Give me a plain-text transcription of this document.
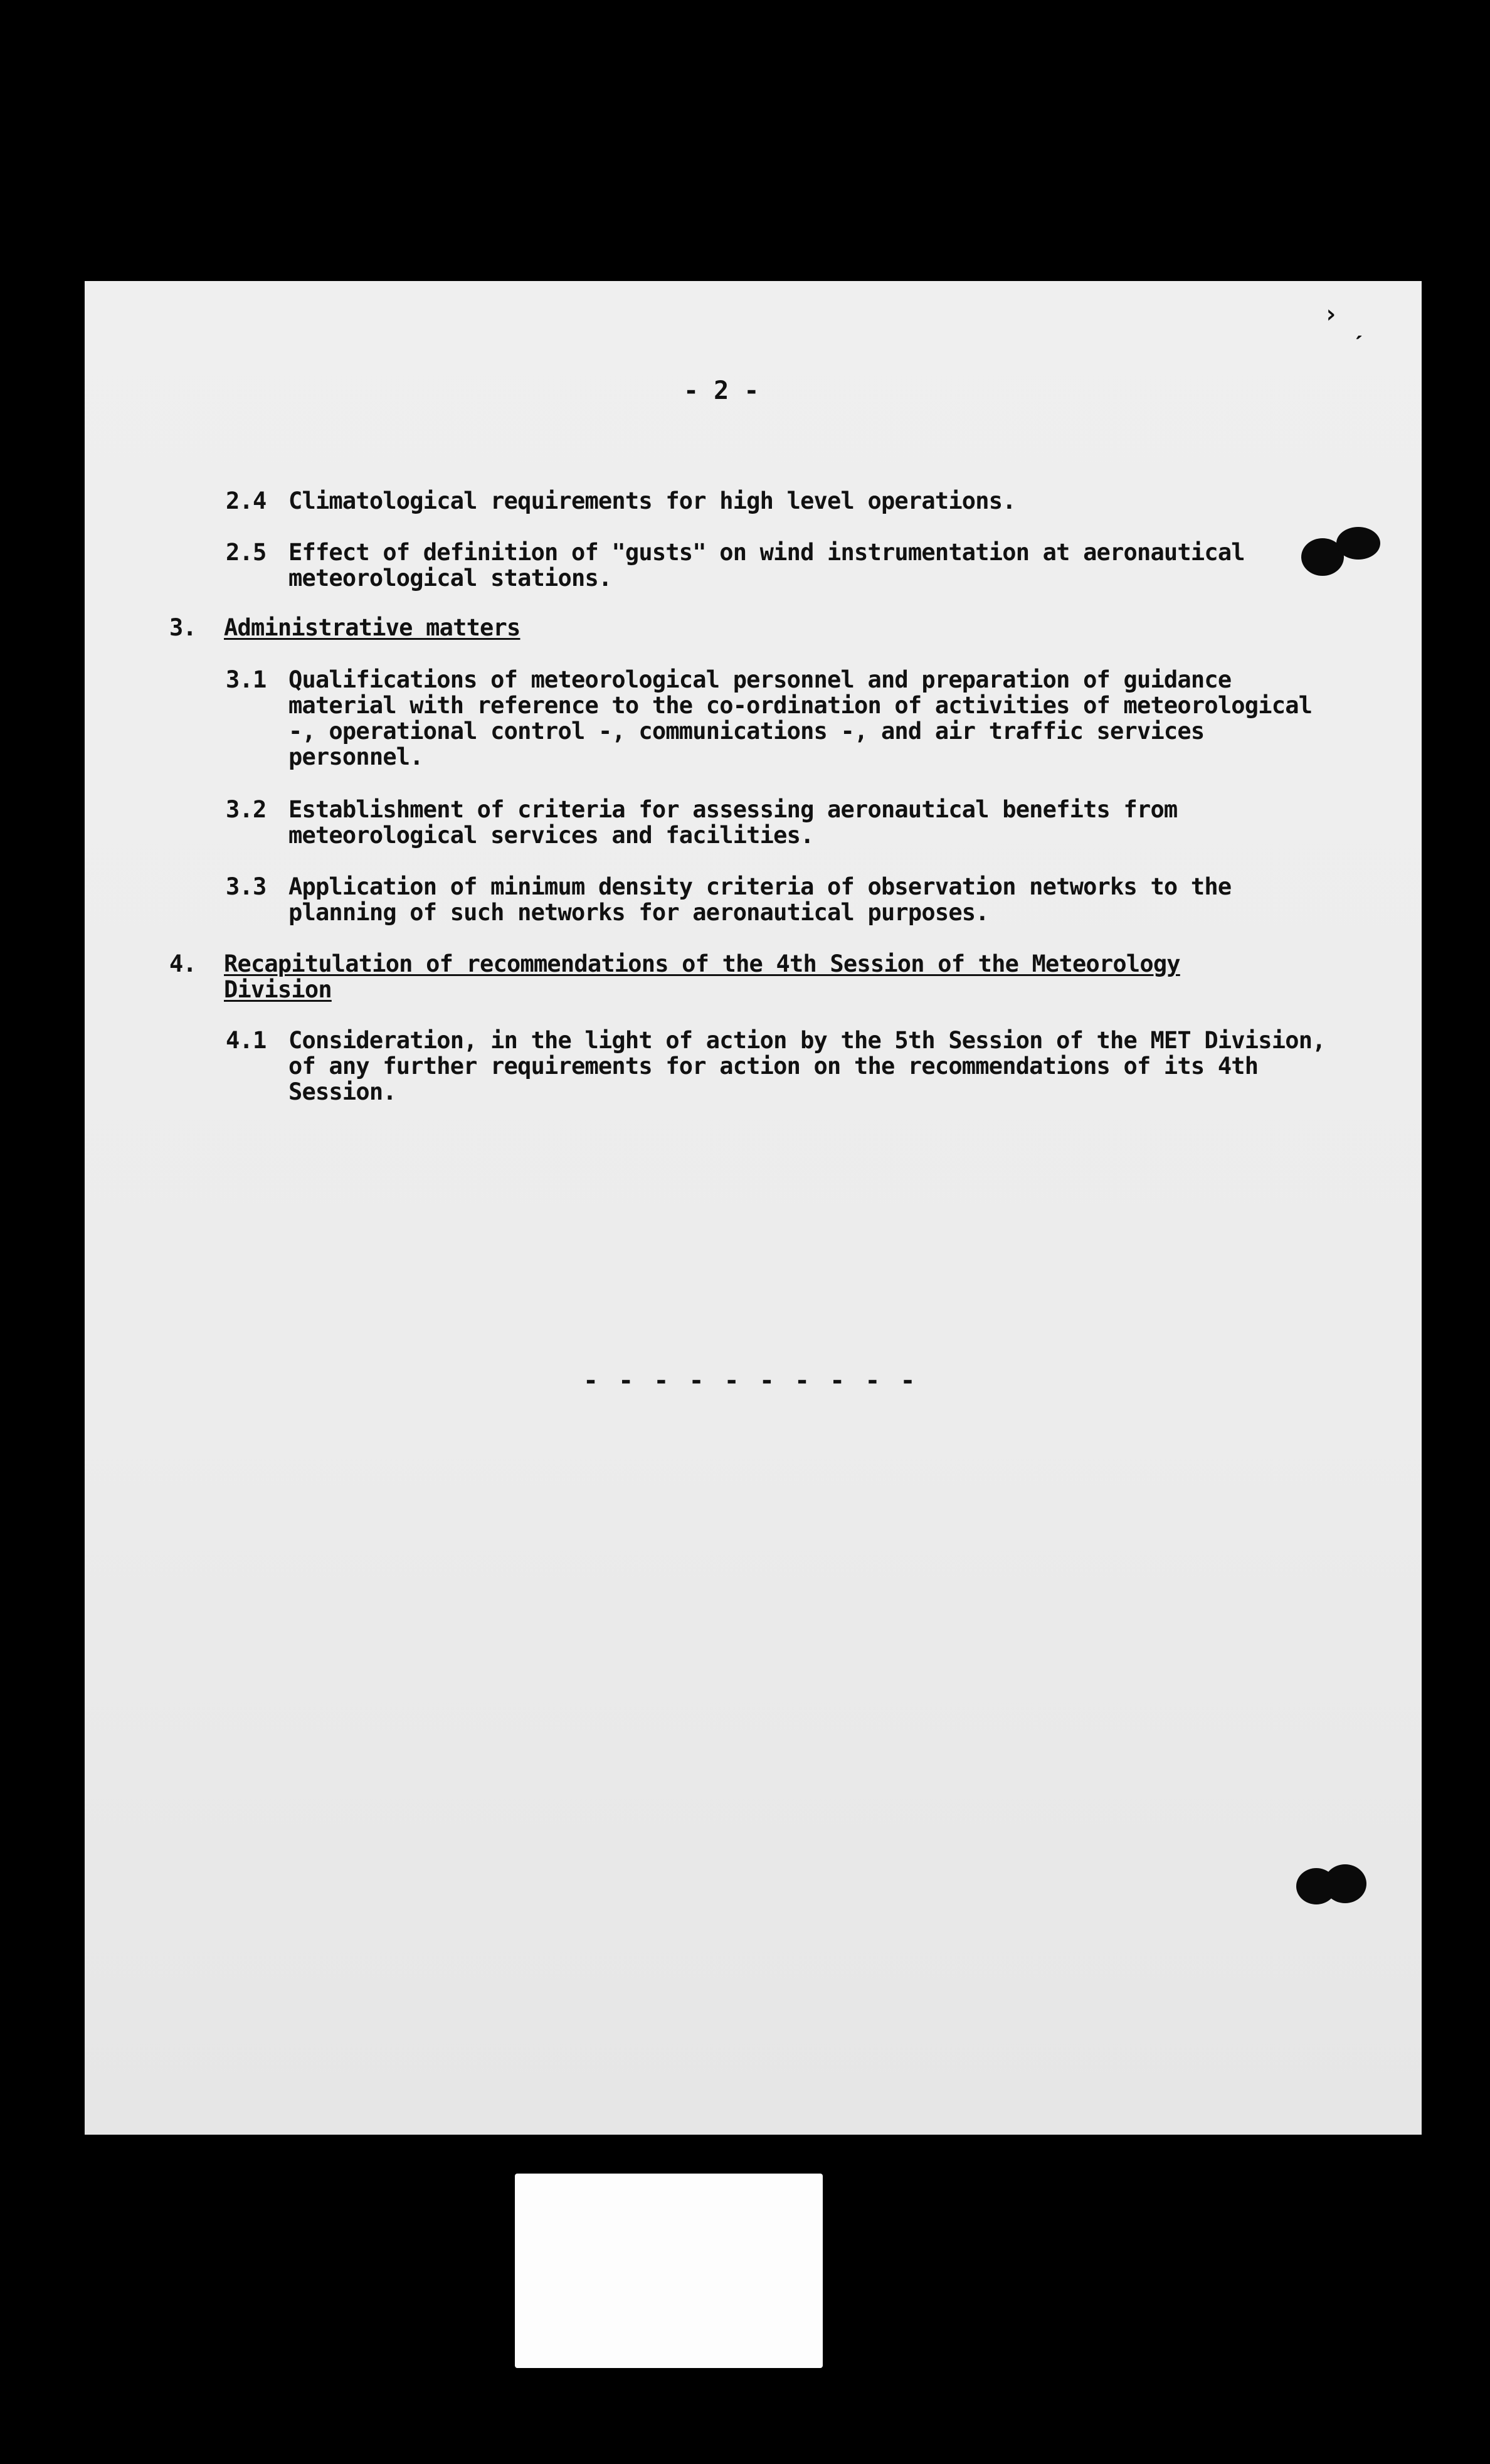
- 2 -
2.4 Climatological requirements for high level operations.
2.5 Effect of definition of "gusts" on wind instrumentation at aeronautical meteorological stations.
3. Administrative matters
3.1 Qualifications of meteorological personnel and preparation of guidance material with reference to the co-ordination of activities of meteorological -, operational control -, communications -, and air traffic services personnel.
3.2 Establishment of criteria for assessing aeronautical benefits from meteorological services and facilities.
3.3 Application of minimum density criteria of observation networks to the planning of such networks for aeronautical purposes.
4. Recapitulation of recommendations of the 4th Session of the Meteorology Division
4.1 Consideration, in the light of action by the 5th Session of the MET Division, of any further requirements for action on the recommendations of its 4th Session.
- - - - - - - - - -
›
ˊ
